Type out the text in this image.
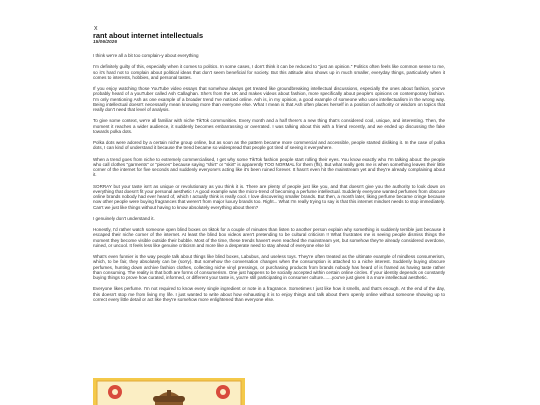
x

rant about internet intellectuals

15/06/2026

I think we're all a bit too complain-y about everything

I'm definitely guilty of this, especially when it comes to politics. In some cases, I don't think it can be reduced to "just an opinion." Politics often feels like common sense to me, so it's hard not to complain about political ideas that don't seem beneficial for society. But this attitude also shows up in much smaller, everyday things, particularly when it comes to interests, hobbies, and personal tastes.

If you enjoy watching those YouTube video essays that somehow always get treated like groundbreaking intellectual discussions, especially the ones about fashion, you've probably heard of a youTuber called Ash Callaghan. She's from the UK and makes videos about fashion, more specifically about people's opinions on contemporary fashion. I'm only mentioning Ash as one example of a broader trend I've noticed online. Ash is, in my opinion, a good example of someone who uses intellectualism in the wrong way. Being intellectual doesn't necessarily mean knowing more than everyone else. What I mean is that Ash often places herself in a position of authority or wisdom on topics that really don't need that level of analysis.

To give some context, we're all familiar with niche TikTok communities. Every month and a half there's a new thing that's considered cool, unique, and interesting. Then, the moment it reaches a wider audience, it suddenly becomes embarrassing or overrated. I was talking about this with a friend recently, and we ended up discussing the fake towards polka dots.

Polka dots were adored by a certain niche group online, but as soon as the pattern became more commercial and accessible, people started disliking it. In the case of polka dots, I can kind of understand it because the trend became so widespread that people got tired of seeing it everywhere.

When a trend goes from niche to extremely commercialised, I get why some TikTok fashion people start rolling their eyes. You know exactly who I'm talking about: the people who call clothes "garments" or "pieces" because saying "shirt" or "skirt" is apparently TOO NORMAL for them (ffs). But what really gets me is when something leaves their little corner of the internet for five seconds and suddenly everyone's acting like it's been ruined forever. It hasn't even hit the mainstream yet and they're already complaining about it.

SORRAY but your taste isn't as unique or revolutionary as you think it is. There are plenty of people just like you, and that doesn't give you the authority to look down on everything that doesn't fit your personal aesthetic ! A good example was the micro-trend of becoming a perfume intellectual. Suddenly everyone wanted perfumes from obscure online brands nobody had ever heard of, which I actually think is really cool. I love discovering smaller brands. But then, a month later, liking perfume became cringe because now other people were buying fragrances that weren't from major luxury brands too. Right... What I'm really trying to say is that this internet mindset needs to stop immediately. Can't we just like things without having to know absolutely everything about them?

I genuinely don't understand it.

Honestly, I'd rather watch someone open blind boxes on tiktok for a couple of minutes than listen to another person explain why something is suddenly terrible just because it escaped their niche corner of the internet. At least the blind box videos aren't pretending to be cultural criticism !! What frustrates me is seeing people dismiss things the moment they become visible outside their bubble. Most of the time, these trends haven't even reached the mainstream yet, but somehow they're already considered overdone, ruined, or uncool. It feels less like genuine criticism and more like a desperate need to stay ahead of everyone else lol

What's even funnier is the way people talk about things like blind boxes, Labubus, and useless toys. They're often treated as the ultimate example of mindless consumerism, which, to be fair, they absolutely can be (sorry). But somehow the conversation changes when the consumption is attached to a niche interest. Suddenly buying obscure perfumes, hunting down archive fashion clothes, collecting niche vinyl pressings, or purchasing products from brands nobody has heard of is framed as having taste rather than consuming. The reality is that both are forms of consumerism. One just happens to be socially accepted within certain online circles. If your identity depends on constantly buying things to prove how curated, informed, or different your taste is, you're still participating in consumer culture.......you've just given it a more intellectual aesthetic.

Everyone likes perfume. I'm not required to know every single ingredient or note in a fragrance. Sometimes I just like how it smells, and that's enough. At the end of the day, this doesn't stop me from living my life. I just wanted to write about how exhausting it is to enjoy things and talk about them openly online without someone showing up to correct every little detail or act like they're somehow more enlightened than everyone else.
